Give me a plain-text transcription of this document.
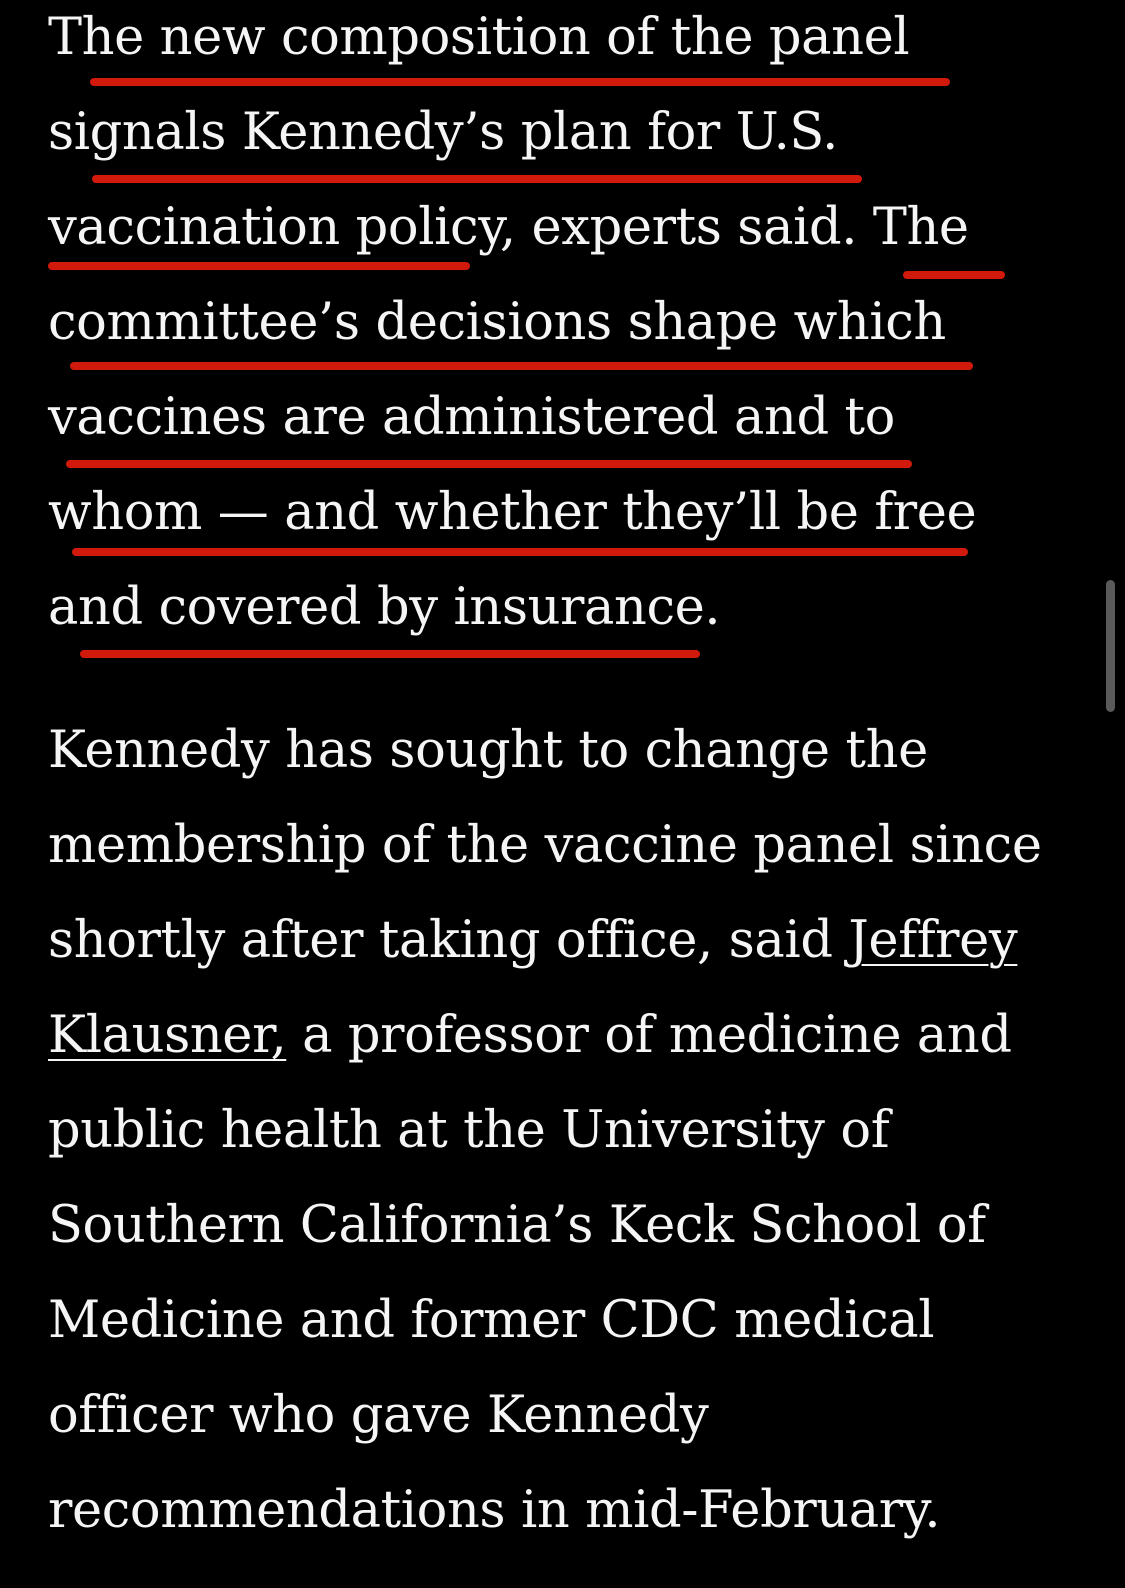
The new composition of the panel
signals Kennedy’s plan for U.S.
vaccination policy, experts said. The
committee’s decisions shape which
vaccines are administered and to
whom — and whether they’ll be free
and covered by insurance.
Kennedy has sought to change the
membership of the vaccine panel since
shortly after taking office, said Jeffrey
Klausner, a professor of medicine and
public health at the University of
Southern California’s Keck School of
Medicine and former CDC medical
officer who gave Kennedy
recommendations in mid-February.
